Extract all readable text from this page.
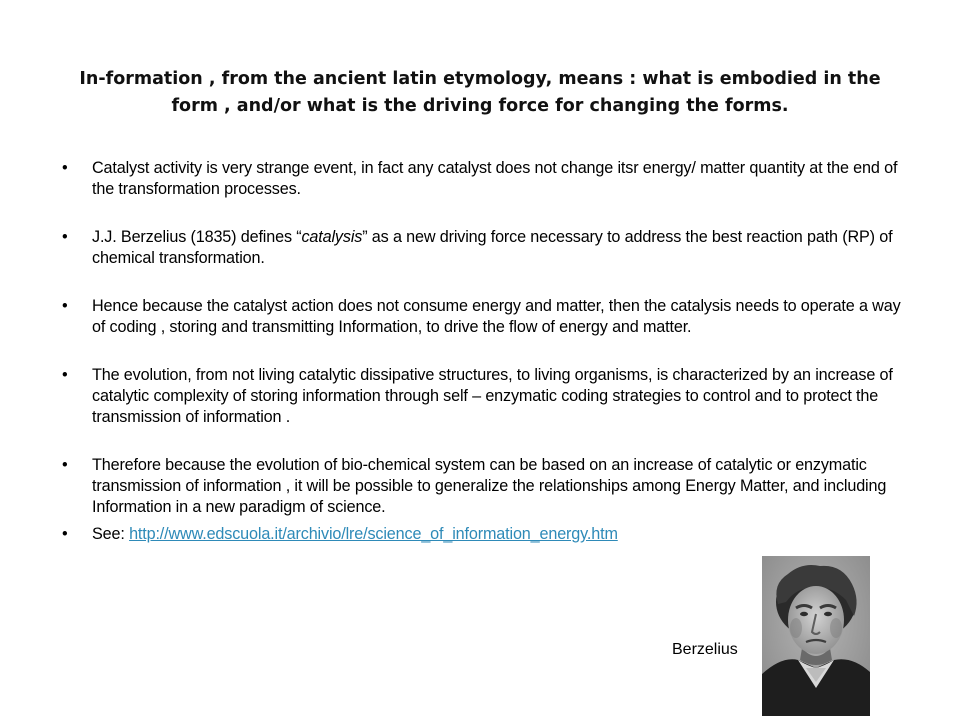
In-formation , from the ancient latin etymology, means : what is embodied in the form , and/or what is the driving force for changing the forms.
• Catalyst activity is very strange event, in fact any catalyst does not change itsr energy/ matter quantity at the end of the transformation processes.
• J.J. Berzelius (1835) defines “catalysis” as a new driving force necessary to address the best reaction path (RP) of chemical transformation.
• Hence because the catalyst action does not consume energy and matter, then the catalysis needs to operate a way of coding , storing and transmitting Information, to drive the flow of energy and matter.
• The evolution, from not living catalytic dissipative structures, to living organisms, is characterized by an increase of catalytic complexity of storing information through self – enzymatic coding strategies to control and to protect the transmission of information .
• Therefore because the evolution of bio-chemical system can be based on an increase of catalytic or enzymatic transmission of information , it will be possible to generalize the relationships among Energy Matter, and including Information in a new paradigm of science.
• See: http://www.edscuola.it/archivio/lre/science_of_information_energy.htm
Berzelius
